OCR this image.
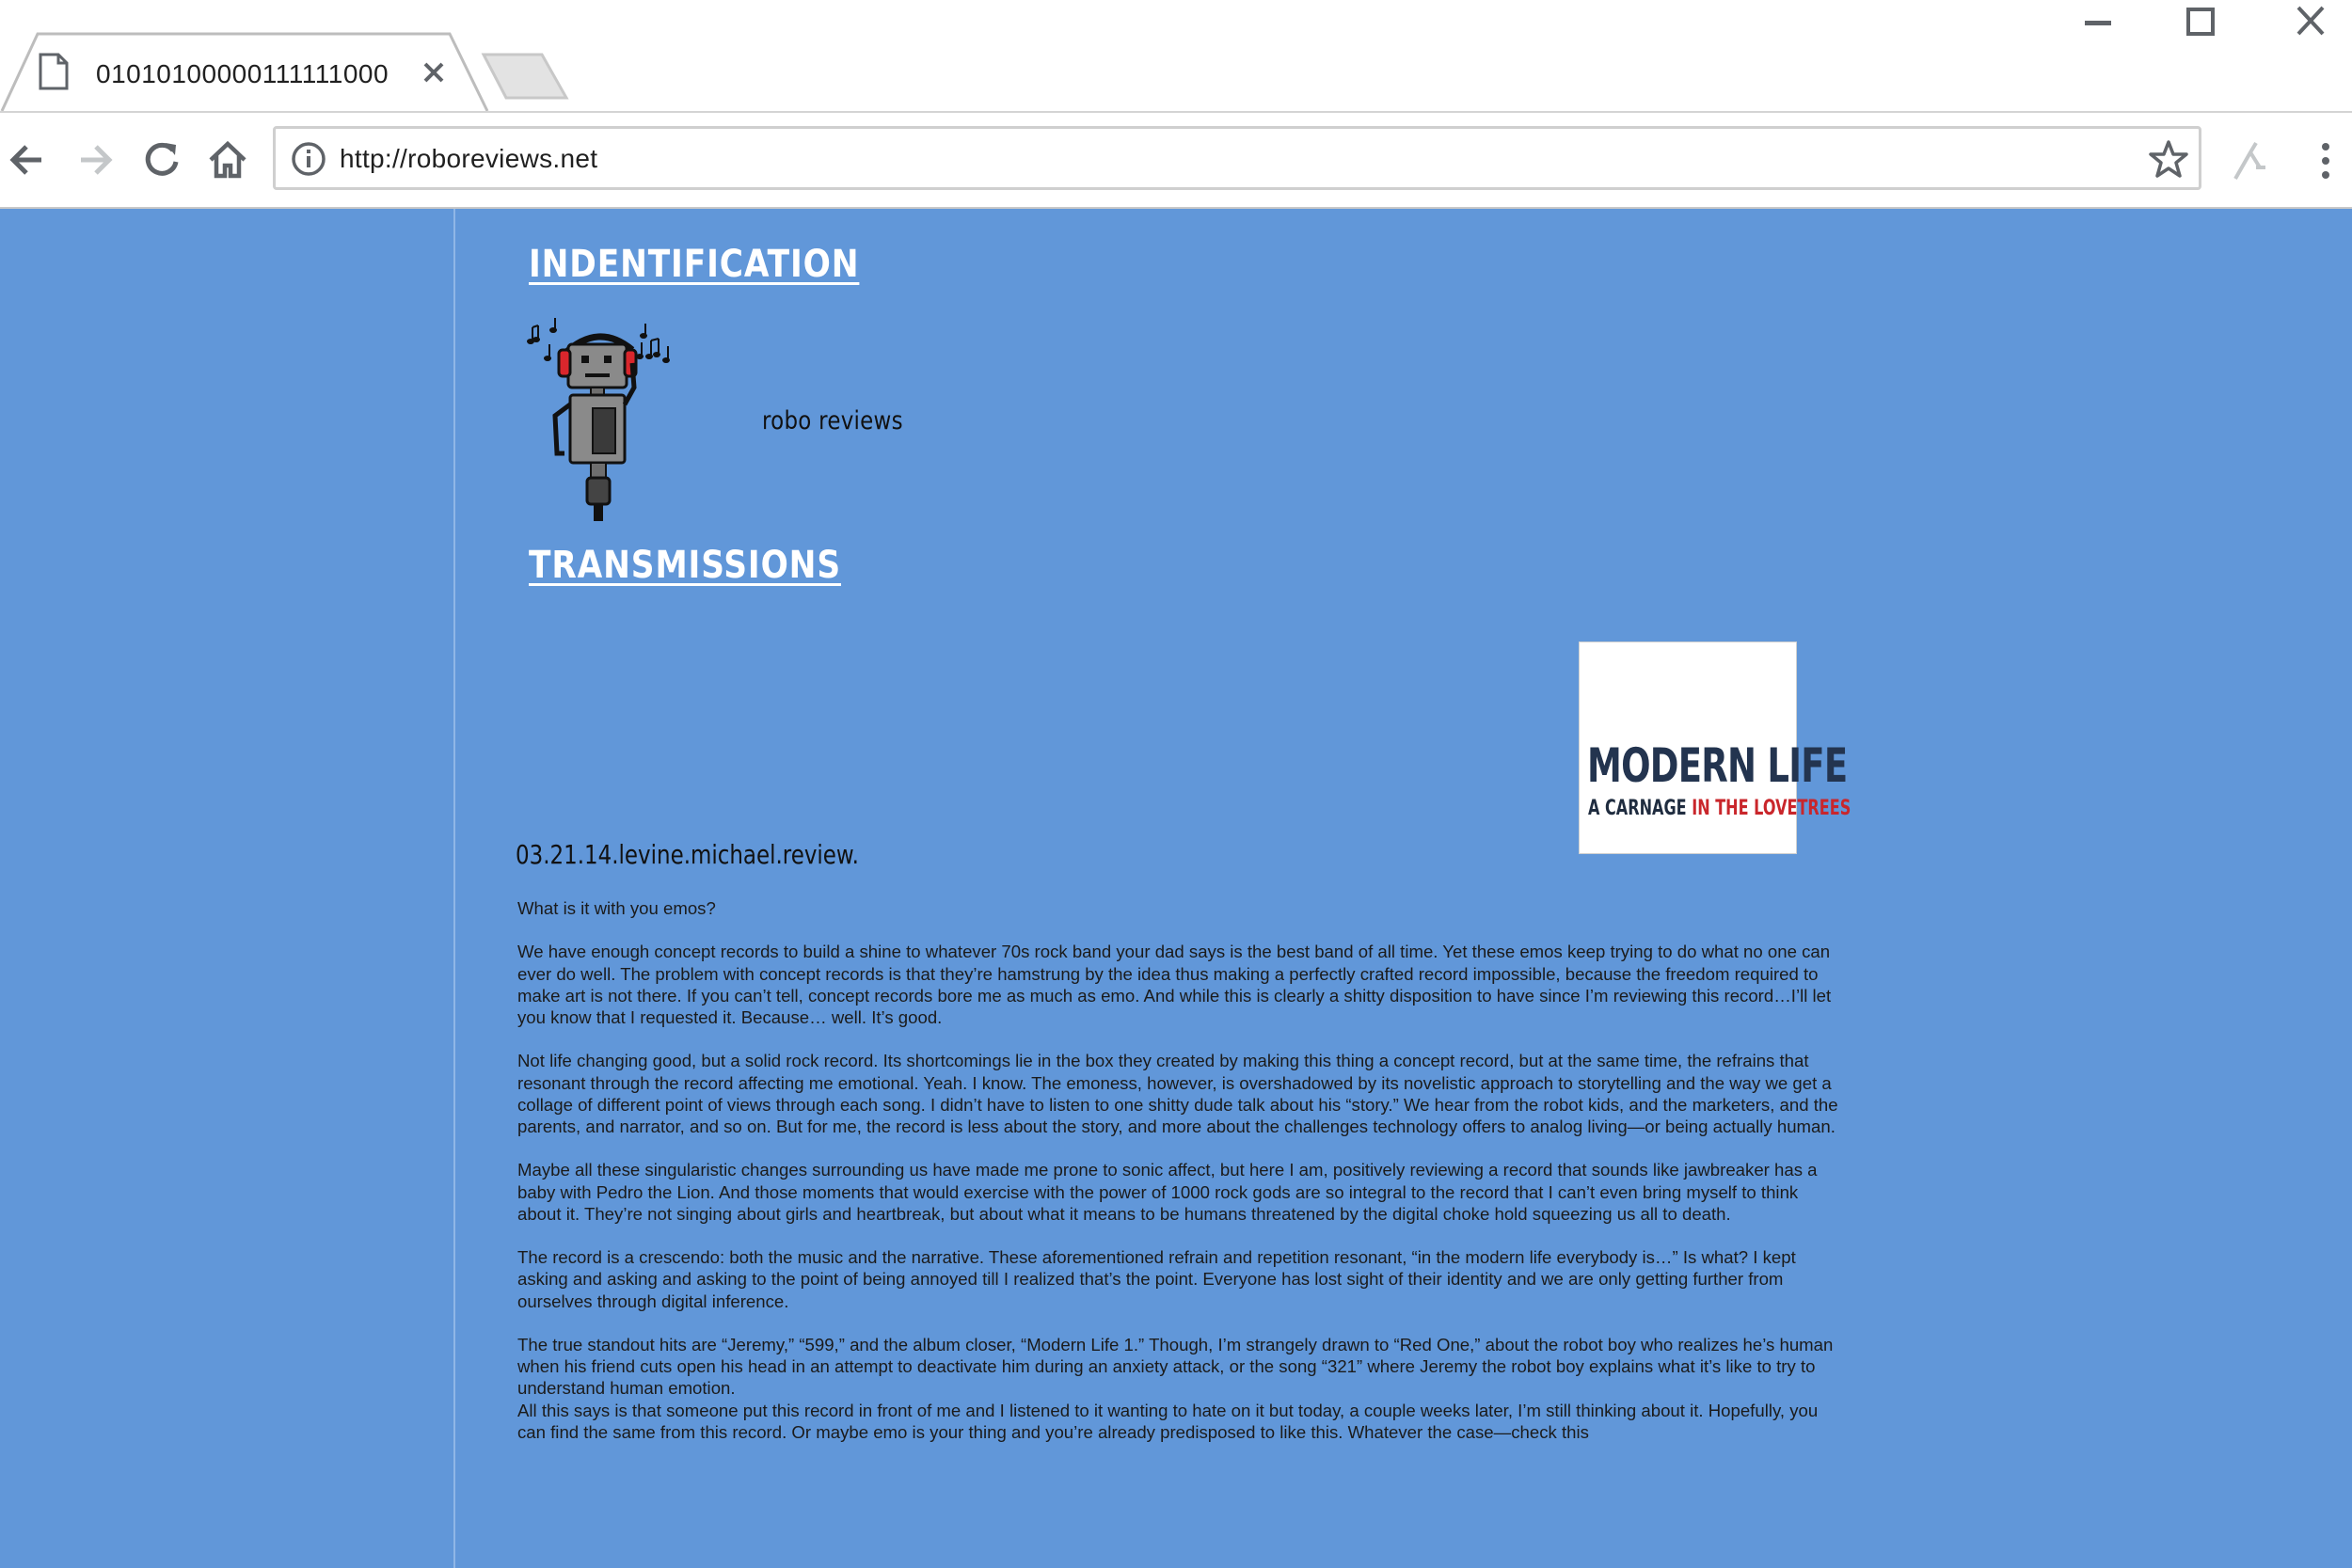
01010100000111111000
http://roboreviews.net
INDENTIFICATION
robo reviews
TRANSMISSIONS
MODERN LIFE
A CARNAGE IN THE LOVETREES
03.21.14.levine.michael.review.

What is it with you emos?

We have enough concept records to build a shine to whatever 70s rock band your dad says is the best band of all time. Yet these emos keep trying to do what no one can ever do well. The problem with concept records is that they’re hamstrung by the idea thus making a perfectly crafted record impossible, because the freedom required to make art is not there. If you can’t tell, concept records bore me as much as emo. And while this is clearly a shitty disposition to have since I’m reviewing this record…I’ll let you know that I requested it. Because… well. It’s good.

Not life changing good, but a solid rock record. Its shortcomings lie in the box they created by making this thing a concept record, but at the same time, the refrains that resonant through the record affecting me emotional. Yeah. I know. The emoness, however, is overshadowed by its novelistic approach to storytelling and the way we get a collage of different point of views through each song. I didn’t have to listen to one shitty dude talk about his “story.” We hear from the robot kids, and the marketers, and the parents, and narrator, and so on. But for me, the record is less about the story, and more about the challenges technology offers to analog living—or being actually human.

Maybe all these singularistic changes surrounding us have made me prone to sonic affect, but here I am, positively reviewing a record that sounds like jawbreaker has a baby with Pedro the Lion. And those moments that would exercise with the power of 1000 rock gods are so integral to the record that I can’t even bring myself to think about it. They’re not singing about girls and heartbreak, but about what it means to be humans threatened by the digital choke hold squeezing us all to death.

The record is a crescendo: both the music and the narrative. These aforementioned refrain and repetition resonant, “in the modern life everybody is…” Is what? I kept asking and asking and asking to the point of being annoyed till I realized that’s the point. Everyone has lost sight of their identity and we are only getting further from ourselves through digital inference.

The true standout hits are “Jeremy,” “599,” and the album closer, “Modern Life 1.” Though, I’m strangely drawn to “Red One,” about the robot boy who realizes he’s human when his friend cuts open his head in an attempt to deactivate him during an anxiety attack, or the song “321” where Jeremy the robot boy explains what it’s like to try to understand human emotion.

All this says is that someone put this record in front of me and I listened to it wanting to hate on it but today, a couple weeks later, I’m still thinking about it. Hopefully, you can find the same from this record. Or maybe emo is your thing and you’re already predisposed to like this. Whatever the case—check this
